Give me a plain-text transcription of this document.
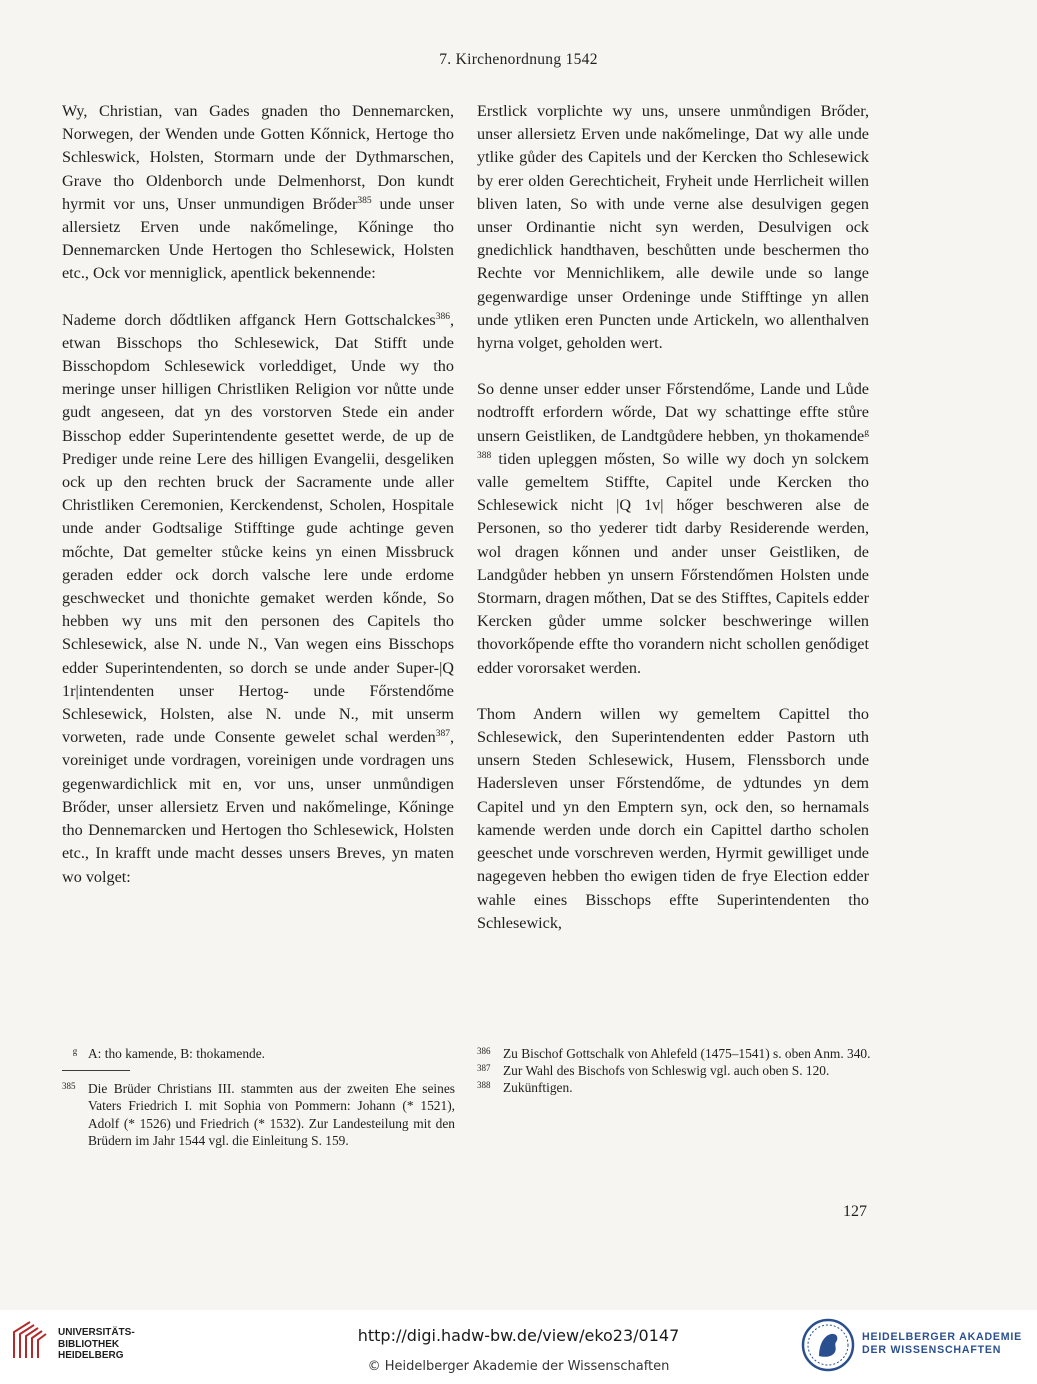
7. Kirchenordnung 1542

Wy, Christian, van Gades gnaden tho Dennemarcken, Norwegen, der Wenden unde Gotten Kőnnick, Hertoge tho Schleswick, Holsten, Stormarn unde der Dythmarschen, Grave tho Oldenborch unde Delmenhorst, Don kundt hyrmit vor uns, Unser unmundigen Brőder$^{385}$ unde unser allersietz Erven unde nakőmelinge, Kőninge tho Dennemarcken Unde Hertogen tho Schlesewick, Holsten etc., Ock vor menniglick, apentlick bekennende:

Nademe dorch dődtliken affganck Hern Gottschalckes$^{386}$, etwan Bisschops tho Schlesewick, Dat Stifft unde Bisschopdom Schlesewick vorleddiget, Unde wy tho meringe unser hilligen Christliken Religion vor nůtte unde gudt angeseen, dat yn des vorstorven Stede ein ander Bisschop edder Superintendente gesettet werde, de up de Prediger unde reine Lere des hilligen Evangelii, desgeliken ock up den rechten bruck der Sacramente unde aller Christliken Ceremonien, Kerckendenst, Scholen, Hospitale unde ander Godtsalige Stifftinge gude achtinge geven mőchte, Dat gemelter stůcke keins yn einen Missbruck geraden edder ock dorch valsche lere unde erdome geschwecket und thonichte gemaket werden kőnde, So hebben wy uns mit den personen des Capitels tho Schlesewick, alse N. unde N., Van wegen eins Bisschops edder Superintendenten, so dorch se unde ander Super-|Q 1r|intendenten unser Hertog- unde Főrstendőme Schlesewick, Holsten, alse N. unde N., mit unserm vorweten, rade unde Consente gewelet schal werden$^{387}$, voreiniget unde vordragen, voreinigen unde vordragen uns gegenwardichlick mit en, vor uns, unser unmůndigen Brőder, unser allersietz Erven und nakőmelinge, Kőninge tho Dennemarcken und Hertogen tho Schlesewick, Holsten etc., In krafft unde macht desses unsers Breves, yn maten wo volget:

Erstlick vorplichte wy uns, unsere unmůndigen Brőder, unser allersietz Erven unde nakőmelinge, Dat wy alle unde ytlike gůder des Capitels und der Kercken tho Schlesewick by erer olden Gerechticheit, Fryheit unde Herrlicheit willen bliven laten, So with unde verne alse desulvigen gegen unser Ordinantie nicht syn werden, Desulvigen ock gnedichlick handthaven, beschůtten unde beschermen tho Rechte vor Mennichlikem, alle dewile unde so lange gegenwardige unser Ordeninge unde Stifftinge yn allen unde ytliken eren Puncten unde Artickeln, wo allenthalven hyrna volget, geholden wert.

So denne unser edder unser Főrstendőme, Lande und Lůde nodtrofft erfordern wőrde, Dat wy schattinge effte stůre unsern Geistliken, de Landtgůdere hebben, yn thokamende$^{g 388}$ tiden upleggen mősten, So wille wy doch yn solckem valle gemeltem Stiffte, Capitel unde Kercken tho Schlesewick nicht |Q 1v| hőger beschweren alse de Personen, so tho yederer tidt darby Residerende werden, wol dragen kőnnen und ander unser Geistliken, de Landgůder hebben yn unsern Főrstendőmen Holsten unde Stormarn, dragen mőthen, Dat se des Stifftes, Capitels edder Kercken gůder umme solcker beschweringe willen thovorkőpende effte tho vorandern nicht schollen genődiget edder vororsaket werden.

Thom Andern willen wy gemeltem Capittel tho Schlesewick, den Superintendenten edder Pastorn uth unsern Steden Schlesewick, Husem, Flenssborch unde Hadersleven unser Főrstendőme, de ydtundes yn dem Capitel und yn den Emptern syn, ock den, so hernamals kamende werden unde dorch ein Capittel dartho scholen geeschet unde vorschreven werden, Hyrmit gewilliget unde nagegeven hebben tho ewigen tiden de frye Election edder wahle eines Bisschops effte Superintendenten tho Schlesewick,

g A: tho kamende, B: thokamende.
385 Die Brüder Christians III. stammten aus der zweiten Ehe seines Vaters Friedrich I. mit Sophia von Pommern: Johann (* 1521), Adolf (* 1526) und Friedrich (* 1532). Zur Landesteilung mit den Brüdern im Jahr 1544 vgl. die Einleitung S. 159.
386 Zu Bischof Gottschalk von Ahlefeld (1475–1541) s. oben Anm. 340.
387 Zur Wahl des Bischofs von Schleswig vgl. auch oben S. 120.
388 Zukünftigen.
127
UNIVERSITÄTS-
BIBLIOTHEK
HEIDELBERG
http://digi.hadw-bw.de/view/eko23/0147
© Heidelberger Akademie der Wissenschaften
HEIDELBERGER AKADEMIE
DER WISSENSCHAFTEN
